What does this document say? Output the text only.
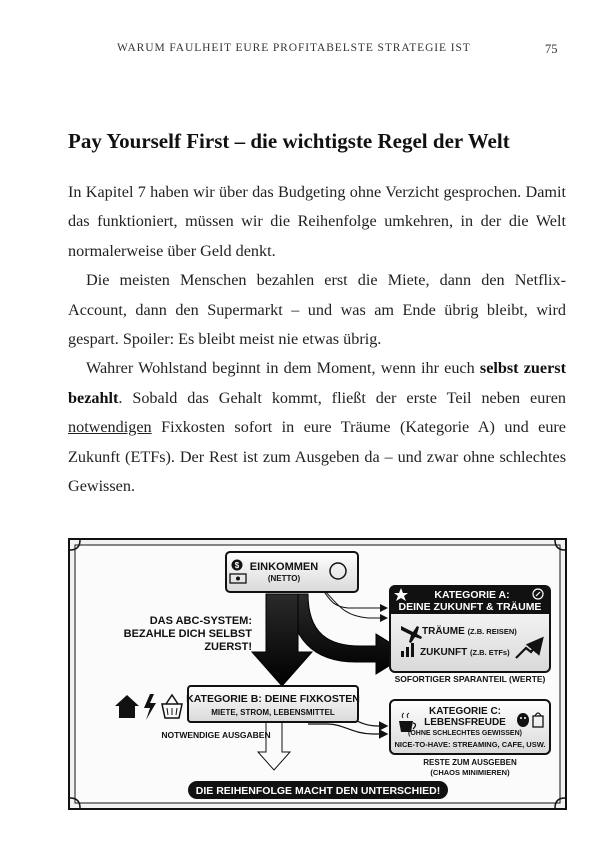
WARUM FAULHEIT EURE PROFITABELSTE STRATEGIE IST	75
Pay Yourself First – die wichtigste Regel der Welt

In Kapitel 7 haben wir über das Budgeting ohne Verzicht gesprochen. Damit das funktioniert, müssen wir die Reihenfolge umkehren, in der die Welt normalerweise über Geld denkt.

Die meisten Menschen bezahlen erst die Miete, dann den Netflix-Account, dann den Supermarkt – und was am Ende übrig bleibt, wird gespart. Spoiler: Es bleibt meist nie etwas übrig.

Wahrer Wohlstand beginnt in dem Moment, wenn ihr euch selbst zuerst bezahlt. Sobald das Gehalt kommt, fließt der erste Teil neben euren notwendigen Fixkosten sofort in eure Träume (Kategorie A) und eure Zukunft (ETFs). Der Rest ist zum Ausgeben da – und zwar ohne schlechtes Gewissen.

$ EINKOMMEN
(NETTO)
DAS ABC-SYSTEM:
BEZAHLE DICH SELBST
ZUERST!
KATEGORIE A:
DEINE ZUKUNFT & TRÄUME
TRÄUME (Z.B. REISEN)
ZUKUNFT (Z.B. ETFs)
SOFORTIGER SPARANTEIL (WERTE)
KATEGORIE B: DEINE FIXKOSTEN
MIETE, STROM, LEBENSMITTEL
NOTWENDIGE AUSGABEN
KATEGORIE C:
LEBENSFREUDE
(OHNE SCHLECHTES GEWISSEN)
NICE-TO-HAVE: STREAMING, CAFE, USW.
RESTE ZUM AUSGEBEN
(CHAOS MINIMIEREN)
DIE REIHENFOLGE MACHT DEN UNTERSCHIED!
